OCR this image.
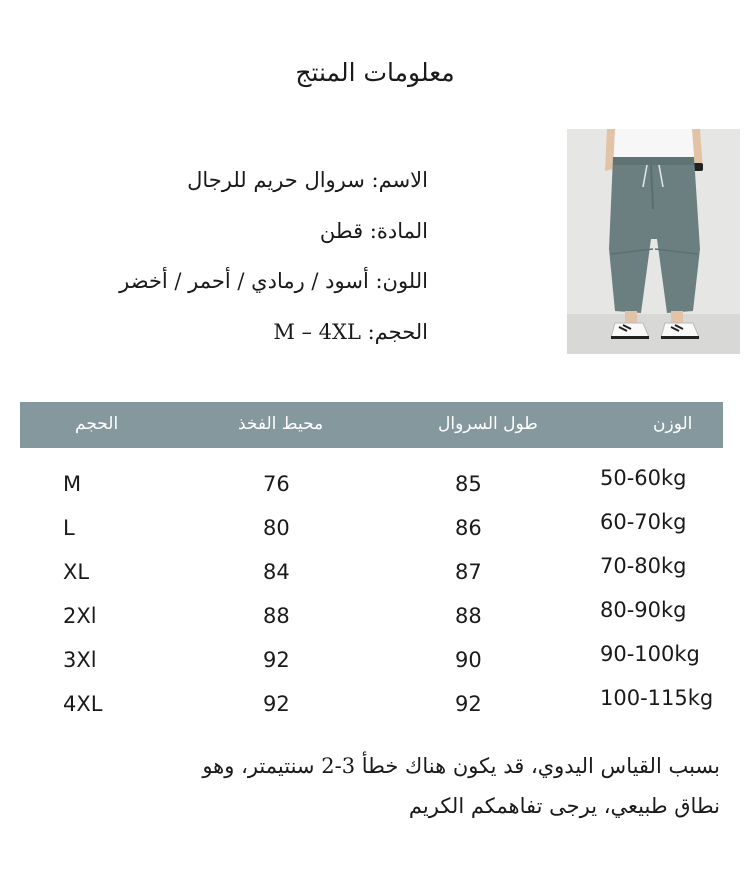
معلومات المنتج
الاسم: سروال حريم للرجال
المادة: قطن
اللون: أسود / رمادي / أحمر / أخضر
الحجم: M – 4XL
الحجم	محيط الفخذ	طول السروال	الوزن
M	76	85	50-60kg
L	80	86	60-70kg
XL	84	87	70-80kg
2Xl	88	88	80-90kg
3Xl	92	90	90-100kg
4XL	92	92	100-115kg
بسبب القياس اليدوي، قد يكون هناك خطأ 3-2 سنتيمتر، وهو
نطاق طبيعي، يرجى تفاهمكم الكريم
